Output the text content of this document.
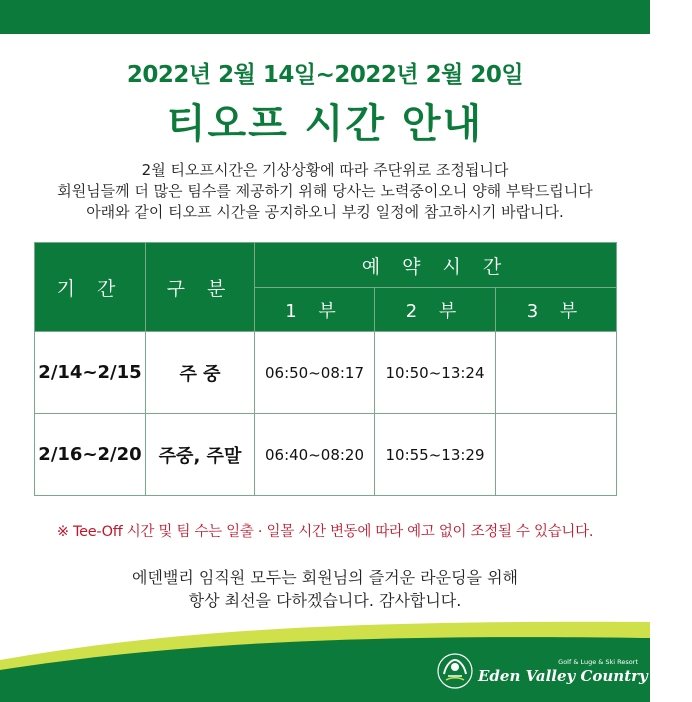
2022년 2월 14일~2022년 2월 20일
티오프 시간 안내
2월 티오프시간은 기상상황에 따라 주단위로 조정됩니다
회원님들께 더 많은 팀수를 제공하기 위해 당사는 노력중이오니 양해 부탁드립니다
아래와 같이 티오프 시간을 공지하오니 부킹 일정에 참고하시기 바랍니다.
기 간	구 분	예 약 시 간		
		1 부	2 부	3 부
2/14~2/15	주 중	06:50~08:17	10:50~13:24	
2/16~2/20	주중, 주말	06:40~08:20	10:55~13:29	
※ Tee-Off 시간 및 팀 수는 일출 · 일몰 시간 변동에 따라 예고 없이 조정될 수 있습니다.
에덴밸리 임직원 모두는 회원님의 즐거운 라운딩을 위해
항상 최선을 다하겠습니다. 감사합니다.
Golf & Luge & Ski Resort
Eden Valley Country Club
